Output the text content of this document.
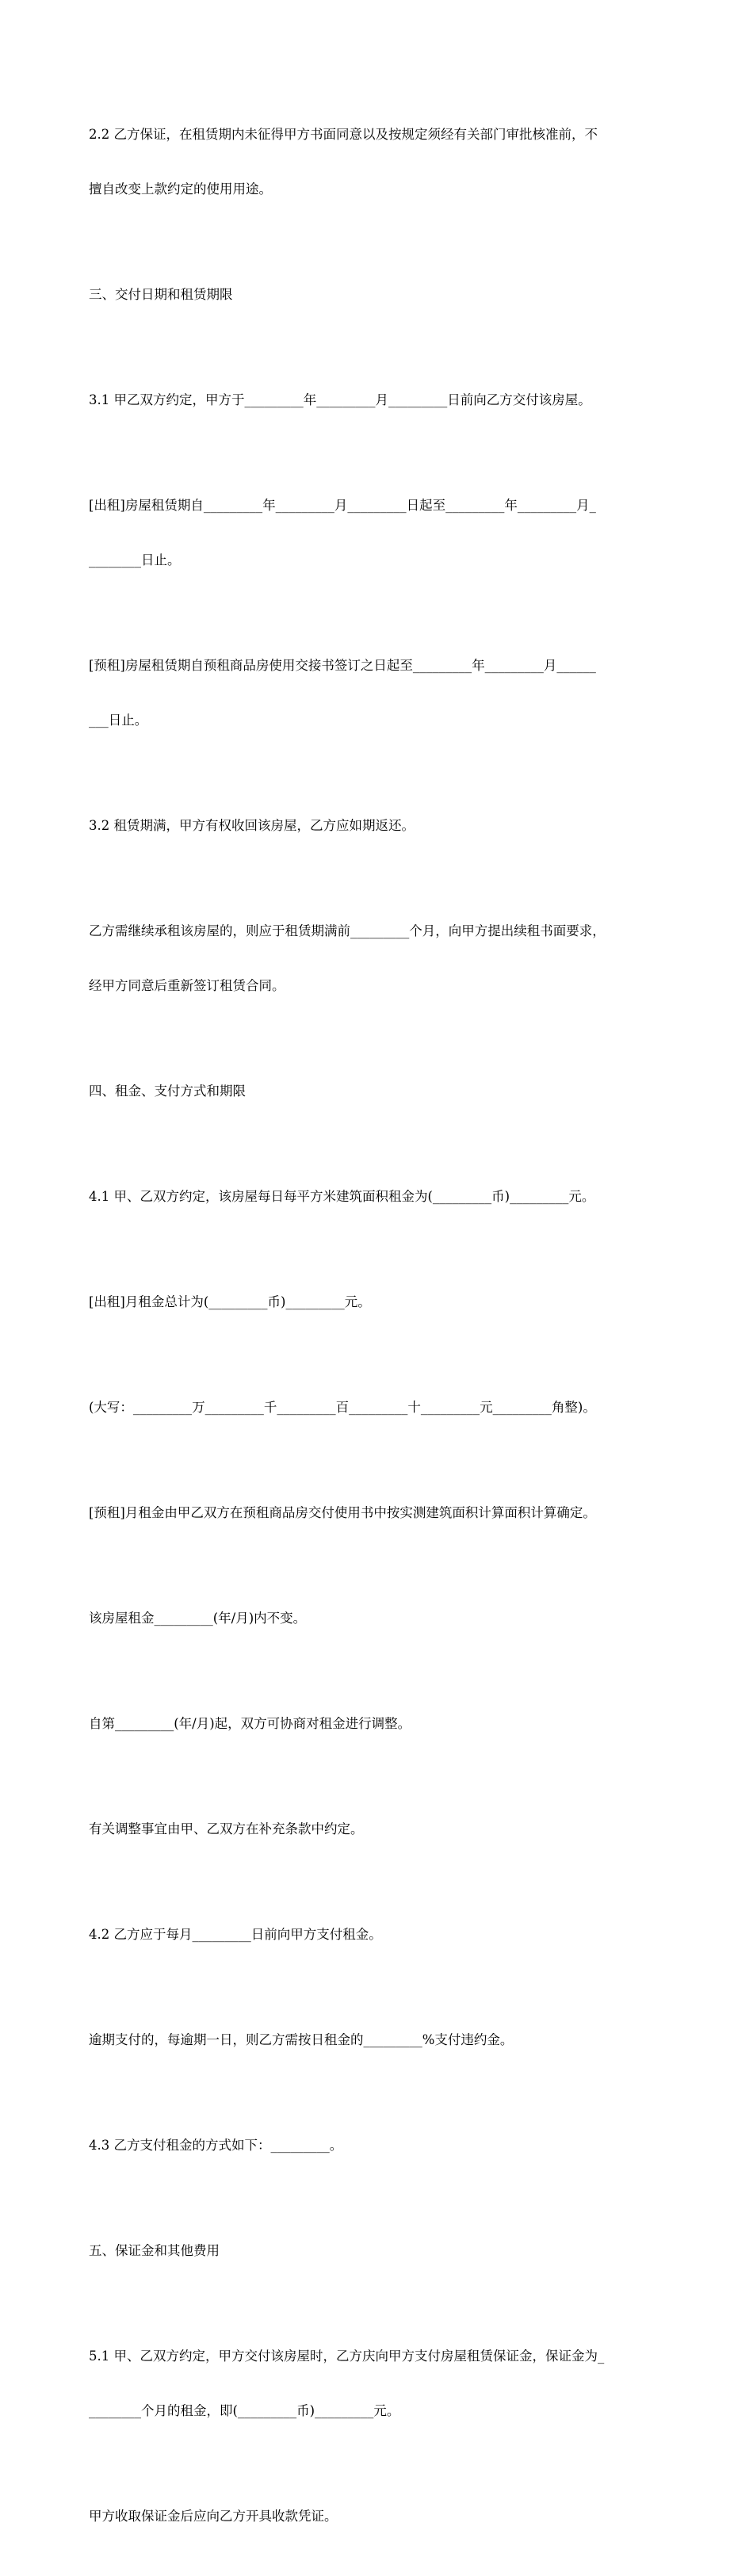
2.2 乙方保证，在租赁期内未征得甲方书面同意以及按规定须经有关部门审批核准前，不

擅自改变上款约定的使用用途。

三、交付日期和租赁期限

3.1 甲乙双方约定，甲方于_________年_________月_________日前向乙方交付该房屋。

[出租]房屋租赁期自_________年_________月_________日起至_________年_________月_

________日止。

[预租]房屋租赁期自预租商品房使用交接书签订之日起至_________年_________月______

___日止。

3.2 租赁期满，甲方有权收回该房屋，乙方应如期返还。

乙方需继续承租该房屋的，则应于租赁期满前_________个月，向甲方提出续租书面要求，

经甲方同意后重新签订租赁合同。

四、租金、支付方式和期限

4.1 甲、乙双方约定，该房屋每日每平方米建筑面积租金为(_________币)_________元。

[出租]月租金总计为(_________币)_________元。

(大写：_________万_________千_________百_________十_________元_________角整)。

[预租]月租金由甲乙双方在预租商品房交付使用书中按实测建筑面积计算面积计算确定。

该房屋租金_________(年/月)内不变。

自第_________(年/月)起，双方可协商对租金进行调整。

有关调整事宜由甲、乙双方在补充条款中约定。

4.2 乙方应于每月_________日前向甲方支付租金。

逾期支付的，每逾期一日，则乙方需按日租金的_________%支付违约金。

4.3 乙方支付租金的方式如下：_________。

五、保证金和其他费用

5.1 甲、乙双方约定，甲方交付该房屋时，乙方庆向甲方支付房屋租赁保证金，保证金为_

________个月的租金，即(_________币)_________元。

甲方收取保证金后应向乙方开具收款凭证。
